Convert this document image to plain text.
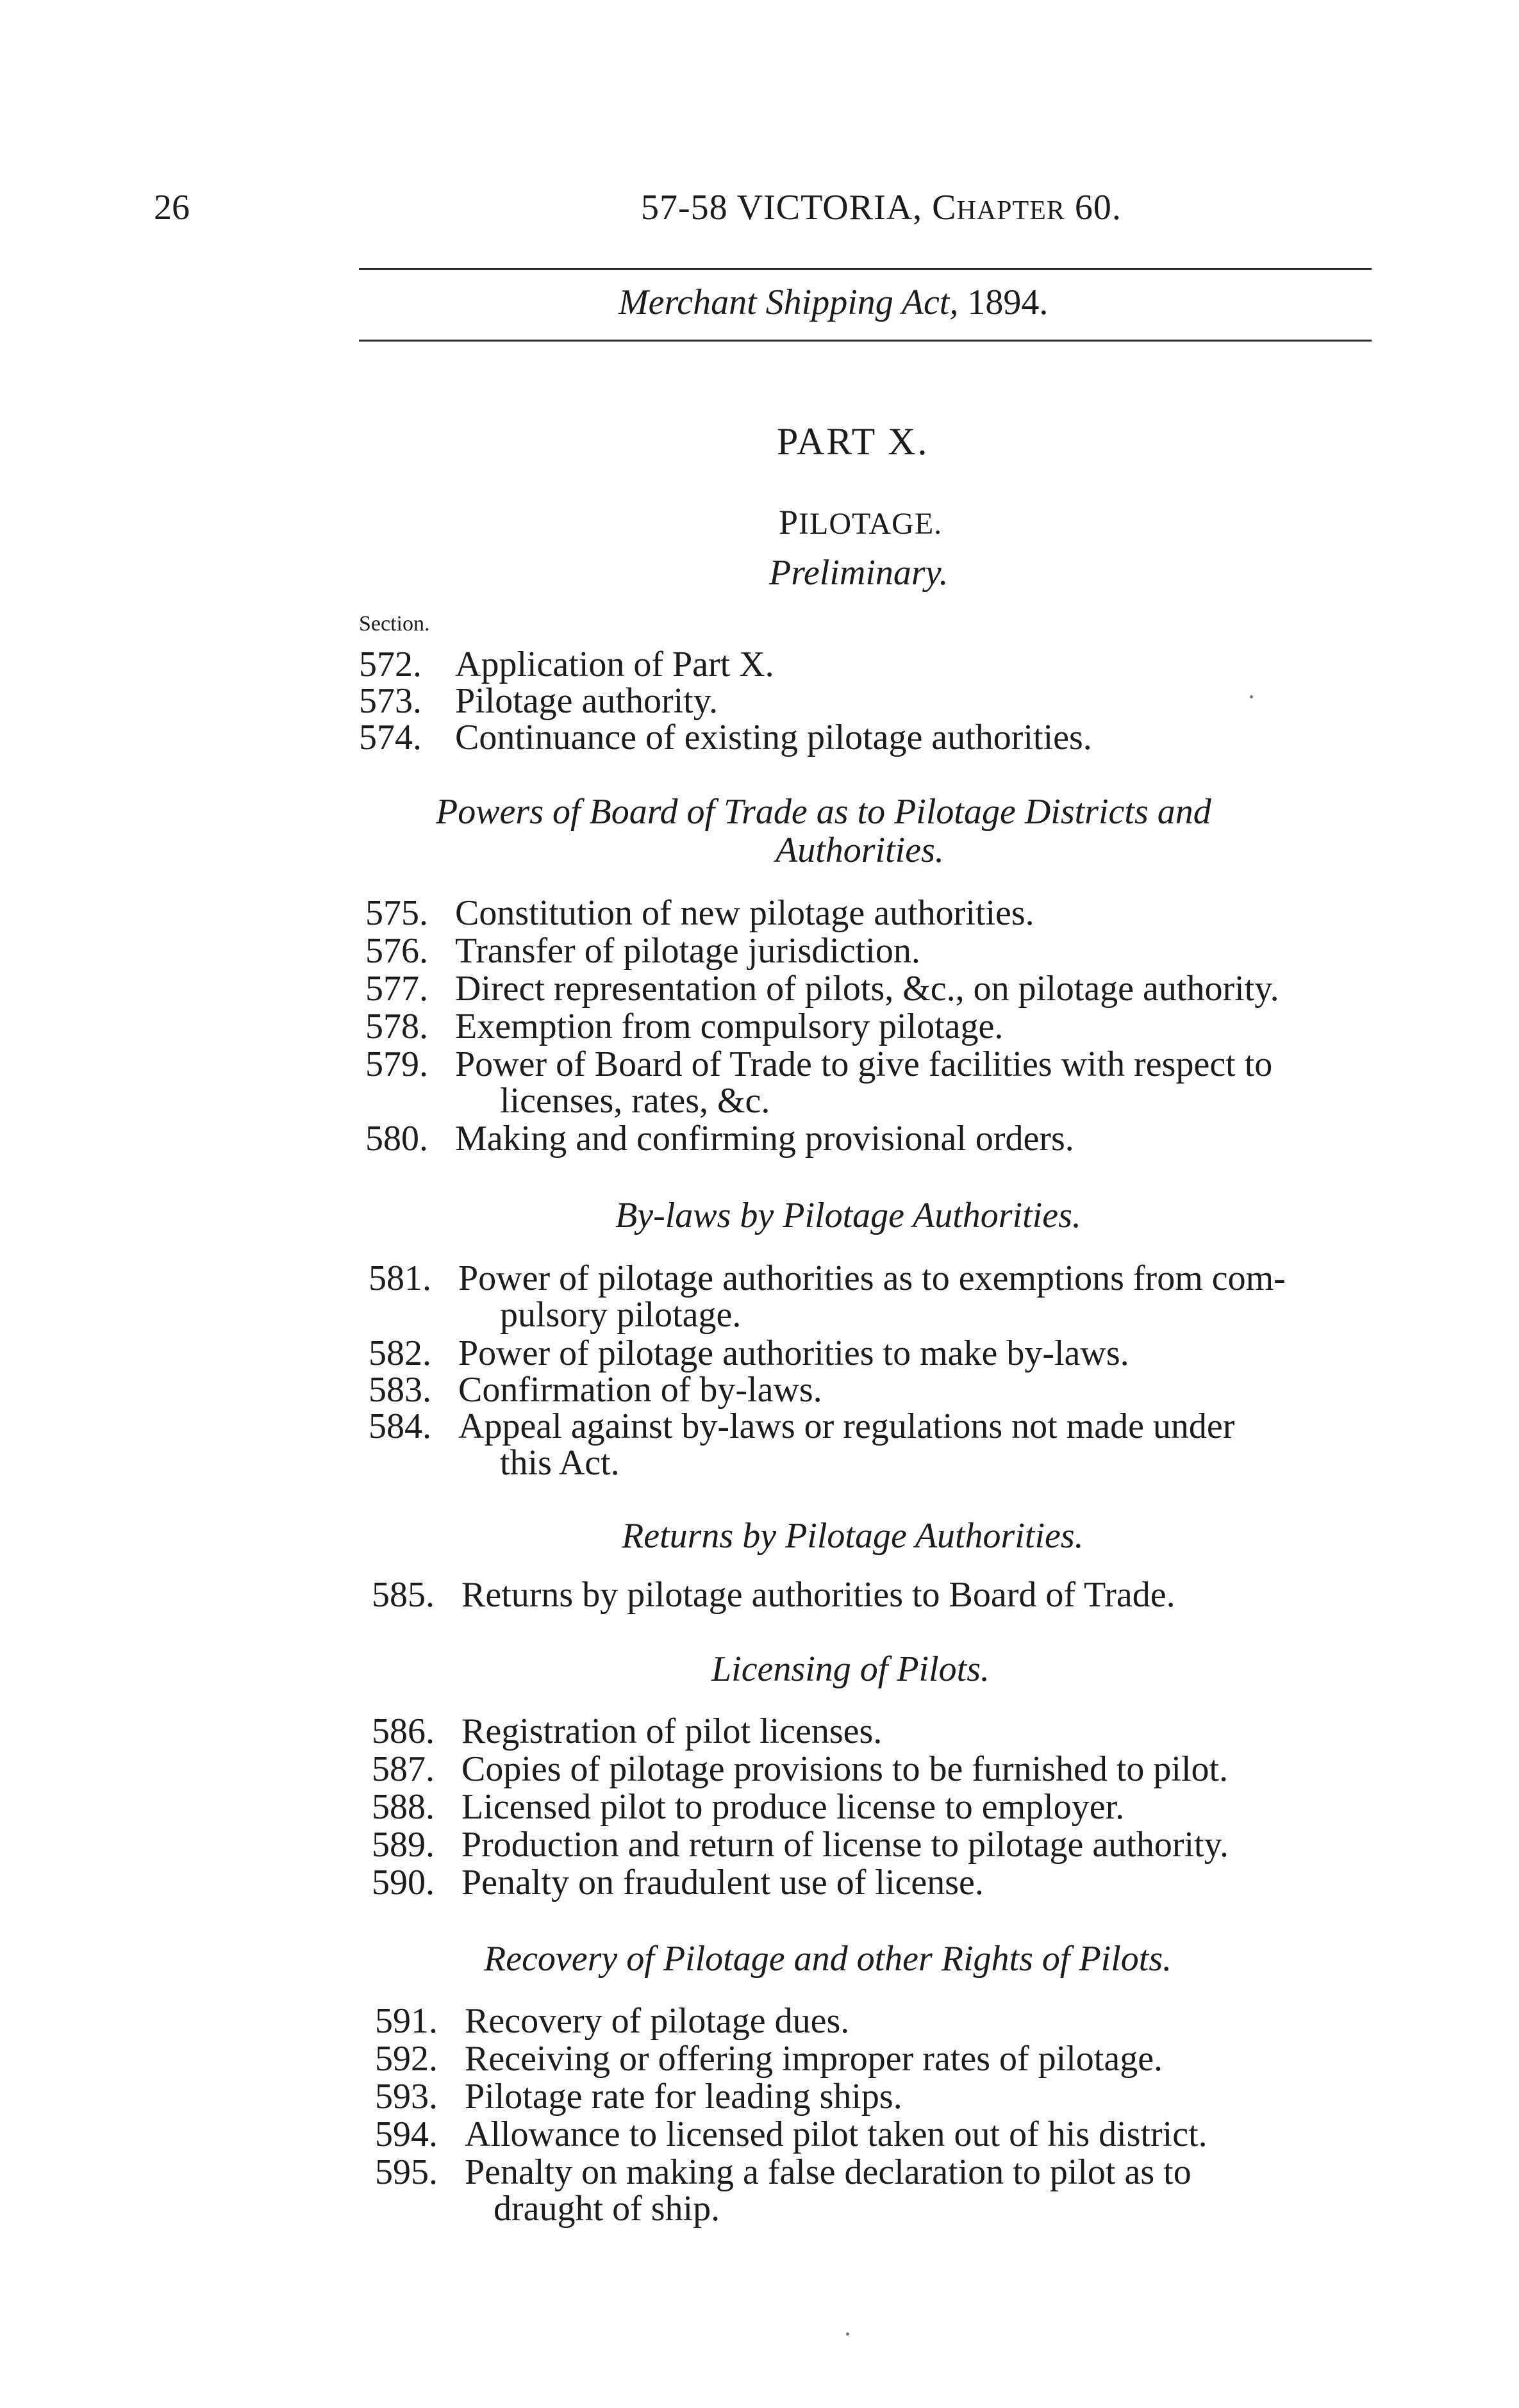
26	57-58 VICTORIA, CHAPTER 60.
Merchant Shipping Act, 1894.
PART X.
PILOTAGE.
Preliminary.
Section.
572. Application of Part X.
573. Pilotage authority.
574. Continuance of existing pilotage authorities.
Powers of Board of Trade as to Pilotage Districts and
Authorities.
575. Constitution of new pilotage authorities.
576. Transfer of pilotage jurisdiction.
577. Direct representation of pilots, &c., on pilotage authority.
578. Exemption from compulsory pilotage.
579. Power of Board of Trade to give facilities with respect to
licenses, rates, &c.
580. Making and confirming provisional orders.
By-laws by Pilotage Authorities.
581. Power of pilotage authorities as to exemptions from com-
pulsory pilotage.
582. Power of pilotage authorities to make by-laws.
583. Confirmation of by-laws.
584. Appeal against by-laws or regulations not made under
this Act.
Returns by Pilotage Authorities.
585. Returns by pilotage authorities to Board of Trade.
Licensing of Pilots.
586. Registration of pilot licenses.
587. Copies of pilotage provisions to be furnished to pilot.
588. Licensed pilot to produce license to employer.
589. Production and return of license to pilotage authority.
590. Penalty on fraudulent use of license.
Recovery of Pilotage and other Rights of Pilots.
591. Recovery of pilotage dues.
592. Receiving or offering improper rates of pilotage.
593. Pilotage rate for leading ships.
594. Allowance to licensed pilot taken out of his district.
595. Penalty on making a false declaration to pilot as to
draught of ship.
